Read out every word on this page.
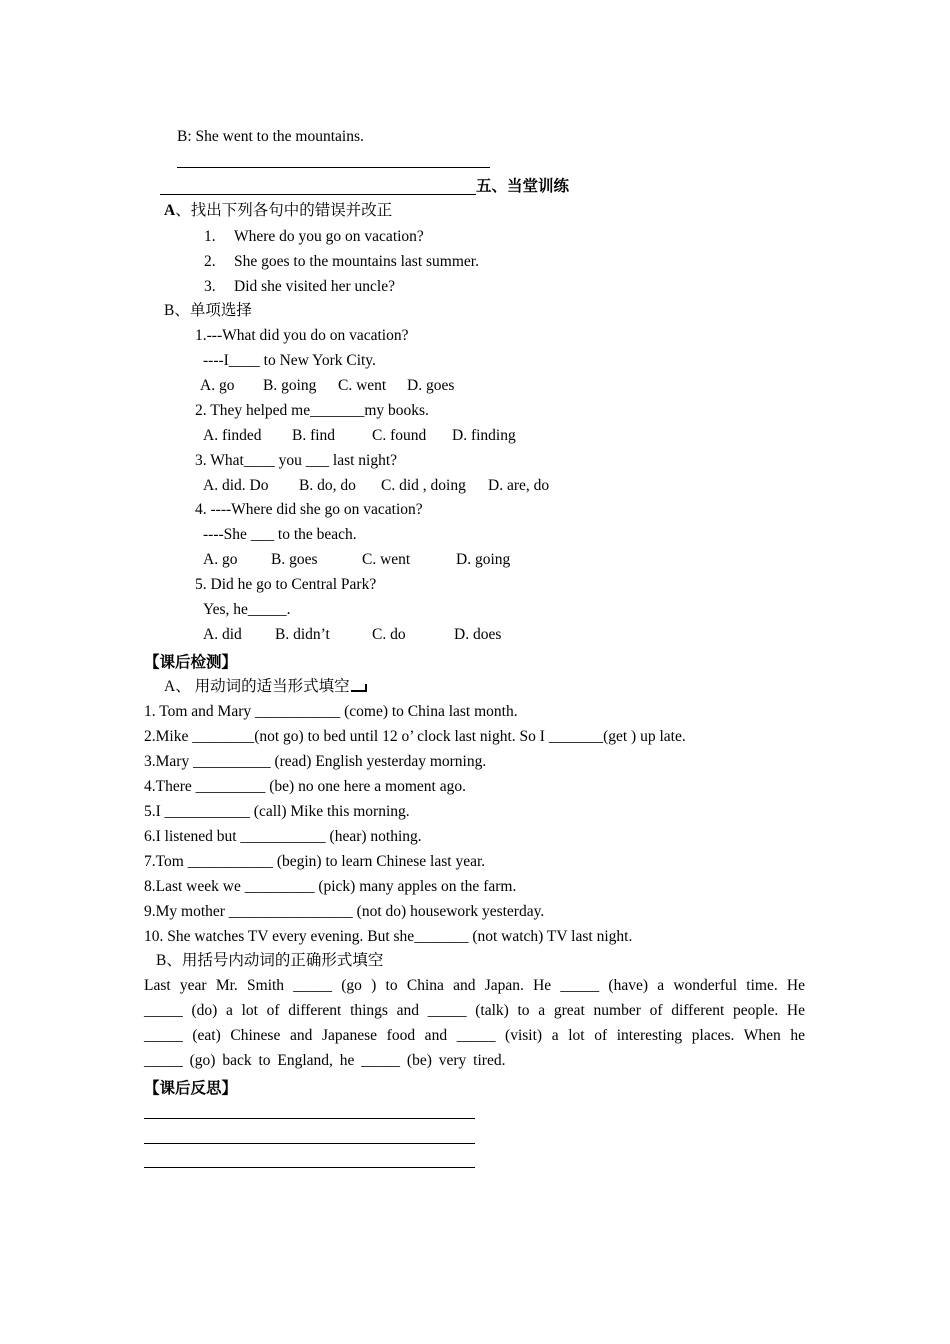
B: She went to the mountains.
五、当堂训练
A、找出下列各句中的错误并改正
1. Where do you go on vacation?
2. She goes to the mountains last summer.
3. Did she visited her uncle?
B、单项选择
1.---What did you do on vacation?
----I____ to New York City.
A. go B. going C. went D. goes
2. They helped me_______my books.
A. finded B. find C. found D. finding
3. What____ you ___ last night?
A. did. Do B. do, do C. did , doing D. are, do
4. ----Where did she go on vacation?
----She ___ to the beach.
A. go B. goes	C. went	D. going
5. Did he go to Central Park?
Yes, he_____.
A. did B. didn’t	C. do	D. does
【课后检测】
A、 用动词的适当形式填空
1. Tom and Mary ___________ (come) to China last month.
2.Mike ________(not go) to bed until 12 o’ clock last night. So I _______(get ) up late.
3.Mary __________ (read) English yesterday morning.
4.There _________ (be) no one here a moment ago.
5.I ___________ (call) Mike this morning.
6.I listened but ___________ (hear) nothing.
7.Tom ___________ (begin) to learn Chinese last year.
8.Last week we _________ (pick) many apples on the farm.
9.My mother ________________ (not do) housework yesterday.
10. She watches TV every evening. But she_______ (not watch) TV last night.
B、用括号内动词的正确形式填空
Last year Mr. Smith _____ (go ) to China and Japan. He _____ (have) a wonderful time. He
_____ (do) a lot of different things and _____ (talk) to a great number of different people. He
_____ (eat) Chinese and Japanese food and _____ (visit) a lot of interesting places. When he
_____ (go) back to England, he _____ (be) very tired.
【课后反思】
